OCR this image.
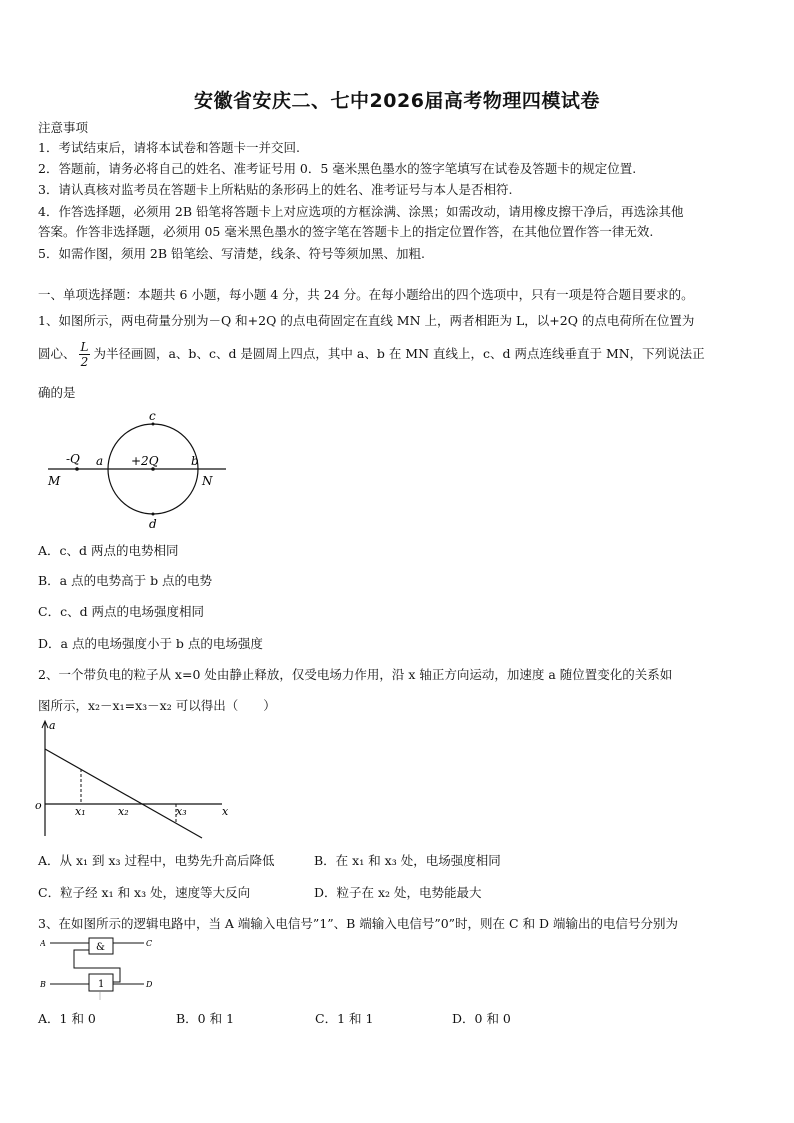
安徽省安庆二、七中2026届高考物理四模试卷
注意事项
1．考试结束后，请将本试卷和答题卡一并交回.
2．答题前，请务必将自己的姓名、准考证号用 0．5 毫米黑色墨水的签字笔填写在试卷及答题卡的规定位置.
3．请认真核对监考员在答题卡上所粘贴的条形码上的姓名、准考证号与本人是否相符.
4．作答选择题，必须用 2B 铅笔将答题卡上对应选项的方框涂满、涂黑；如需改动，请用橡皮擦干净后，再选涂其他
答案。作答非选择题，必须用 05 毫米黑色墨水的签字笔在答题卡上的指定位置作答，在其他位置作答一律无效.
5．如需作图，须用 2B 铅笔绘、写清楚，线条、符号等须加黑、加粗.
一、单项选择题：本题共 6 小题，每小题 4 分，共 24 分。在每小题给出的四个选项中，只有一项是符合题目要求的。
1、如图所示，两电荷量分别为－Q 和+2Q 的点电荷固定在直线 MN 上，两者相距为 L，以+2Q 的点电荷所在位置为
圆心、 $\frac{L}{2}$ 为半径画圆，a、b、c、d 是圆周上四点，其中 a、b 在 MN 直线上，c、d 两点连线垂直于 MN，下列说法正
确的是
c
d
a	b
-Q	+2Q
M	N
A．c、d 两点的电势相同
B．a 点的电势高于 b 点的电势
C．c、d 两点的电场强度相同
D．a 点的电场强度小于 b 点的电场强度
2、一个带负电的粒子从 x=0 处由静止释放，仅受电场力作用，沿 x 轴正方向运动，加速度 a 随位置变化的关系如
图所示，x₂－x₁=x₃－x₂ 可以得出（　　）
a
o	x
x₁	x₂	x₃
A．从 x₁ 到 x₃ 过程中，电势先升高后降低	B．在 x₁ 和 x₃ 处，电场强度相同
C．粒子经 x₁ 和 x₃ 处，速度等大反向	D．粒子在 x₂ 处，电势能最大
3、在如图所示的逻辑电路中，当 A 端输入电信号”1”、B 端输入电信号”0”时，则在 C 和 D 端输出的电信号分别为
A
B
C
D
&
1
A．1 和 0	B．0 和 1	C．1 和 1	D．0 和 0
